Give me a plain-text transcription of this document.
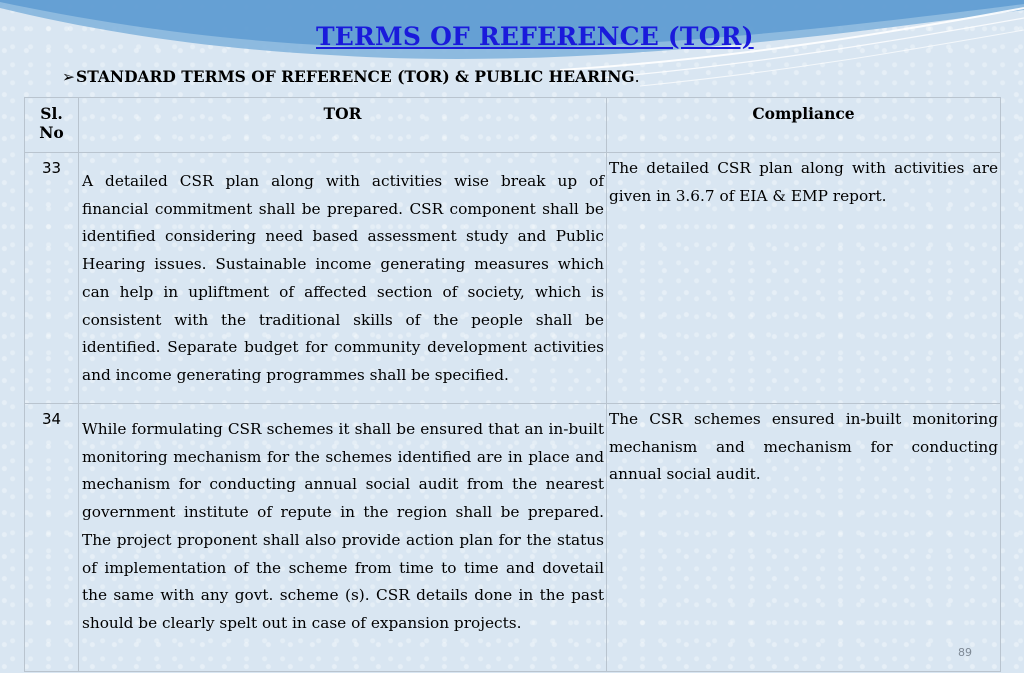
TERMS OF REFERENCE (TOR)
➢STANDARD TERMS OF REFERENCE (TOR) & PUBLIC HEARING.
Sl. No	TOR	Compliance
33	A detailed CSR plan along with activities wise break up of financial commitment shall be prepared. CSR component shall be identified considering need based assessment study and Public Hearing issues. Sustainable income generating measures which can help in upliftment of affected section of society, which is consistent with the traditional skills of the people shall be identified. Separate budget for community development activities and income generating programmes shall be specified.	The detailed CSR plan along with activities are given in 3.6.7 of EIA & EMP report.
34	While formulating CSR schemes it shall be ensured that an in-built monitoring mechanism for the schemes identified are in place and mechanism for conducting annual social audit from the nearest government institute of repute in the region shall be prepared. The project proponent shall also provide action plan for the status of implementation of the scheme from time to time and dovetail the same with any govt. scheme (s). CSR details done in the past should be clearly spelt out in case of expansion projects.	The CSR schemes ensured in-built monitoring mechanism and mechanism for conducting annual social audit.
89
